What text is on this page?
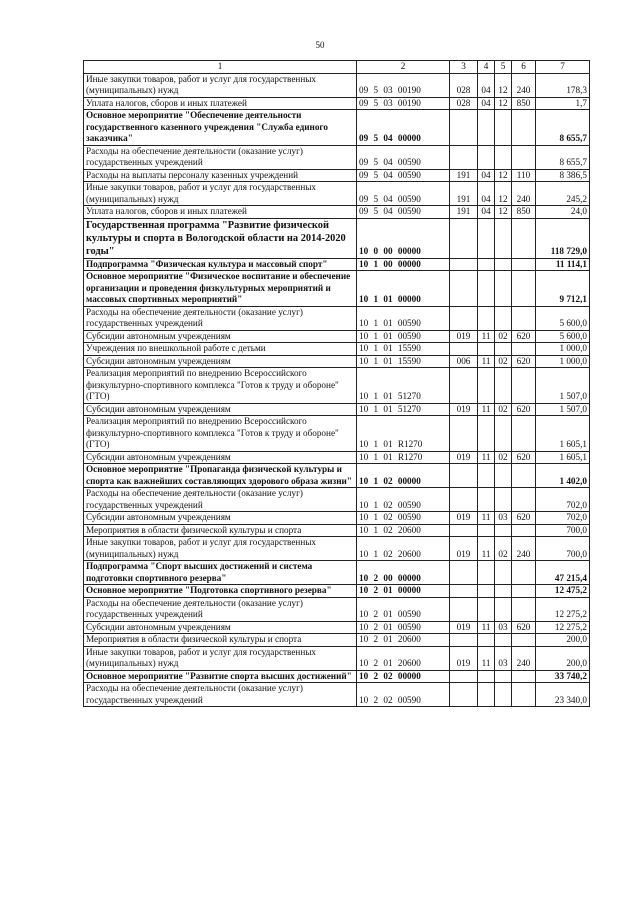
50
1	2	3	4	5	6	7
Иные закупки товаров, работ и услуг для государственных (муниципальных) нужд	09 5 03 00190	028	04	12	240	178,3
Уплата налогов, сборов и иных платежей	09 5 03 00190	028	04	12	850	1,7
Основное мероприятие "Обеспечение деятельности государственного казенного учреждения "Служба единого заказчика"	09 5 04 00000					8 655,7
Расходы на обеспечение деятельности (оказание услуг) государственных учреждений	09 5 04 00590					8 655,7
Расходы на выплаты персоналу казенных учреждений	09 5 04 00590	191	04	12	110	8 386,5
Иные закупки товаров, работ и услуг для государственных (муниципальных) нужд	09 5 04 00590	191	04	12	240	245,2
Уплата налогов, сборов и иных платежей	09 5 04 00590	191	04	12	850	24,0
Государственная программа "Развитие физической культуры и спорта в Вологодской области на 2014-2020 годы"	10 0 00 00000					118 729,0
Подпрограмма "Физическая культура и массовый спорт"	10 1 00 00000					11 114,1
Основное мероприятие "Физическое воспитание и обеспечение организации и проведения физкультурных мероприятий и массовых спортивных мероприятий"	10 1 01 00000					9 712,1
Расходы на обеспечение деятельности (оказание услуг) государственных учреждений	10 1 01 00590					5 600,0
Субсидии автономным учреждениям	10 1 01 00590	019	11	02	620	5 600,0
Учреждения по внешкольной работе с детьми	10 1 01 15590					1 000,0
Субсидии автономным учреждениям	10 1 01 15590	006	11	02	620	1 000,0
Реализация мероприятий по внедрению Всероссийского физкультурно-спортивного комплекса "Готов к труду и обороне" (ГТО)	10 1 01 51270					1 507,0
Субсидии автономным учреждениям	10 1 01 51270	019	11	02	620	1 507,0
Реализация мероприятий по внедрению Всероссийского физкультурно-спортивного комплекса "Готов к труду и обороне" (ГТО)	10 1 01 R1270					1 605,1
Субсидии автономным учреждениям	10 1 01 R1270	019	11	02	620	1 605,1
Основное мероприятие "Пропаганда физической культуры и спорта как важнейших составляющих здорового образа жизни"	10 1 02 00000					1 402,0
Расходы на обеспечение деятельности (оказание услуг) государственных учреждений	10 1 02 00590					702,0
Субсидии автономным учреждениям	10 1 02 00590	019	11	03	620	702,0
Мероприятия в области физической культуры и спорта	10 1 02 20600					700,0
Иные закупки товаров, работ и услуг для государственных (муниципальных) нужд	10 1 02 20600	019	11	02	240	700,0
Подпрограмма "Спорт высших достижений и система подготовки спортивного резерва"	10 2 00 00000					47 215,4
Основное мероприятие "Подготовка спортивного резерва"	10 2 01 00000					12 475,2
Расходы на обеспечение деятельности (оказание услуг) государственных учреждений	10 2 01 00590					12 275,2
Субсидии автономным учреждениям	10 2 01 00590	019	11	03	620	12 275,2
Мероприятия в области физической культуры и спорта	10 2 01 20600					200,0
Иные закупки товаров, работ и услуг для государственных (муниципальных) нужд	10 2 01 20600	019	11	03	240	200,0
Основное мероприятие "Развитие спорта высших достижений"	10 2 02 00000					33 740,2
Расходы на обеспечение деятельности (оказание услуг) государственных учреждений	10 2 02 00590					23 340,0
